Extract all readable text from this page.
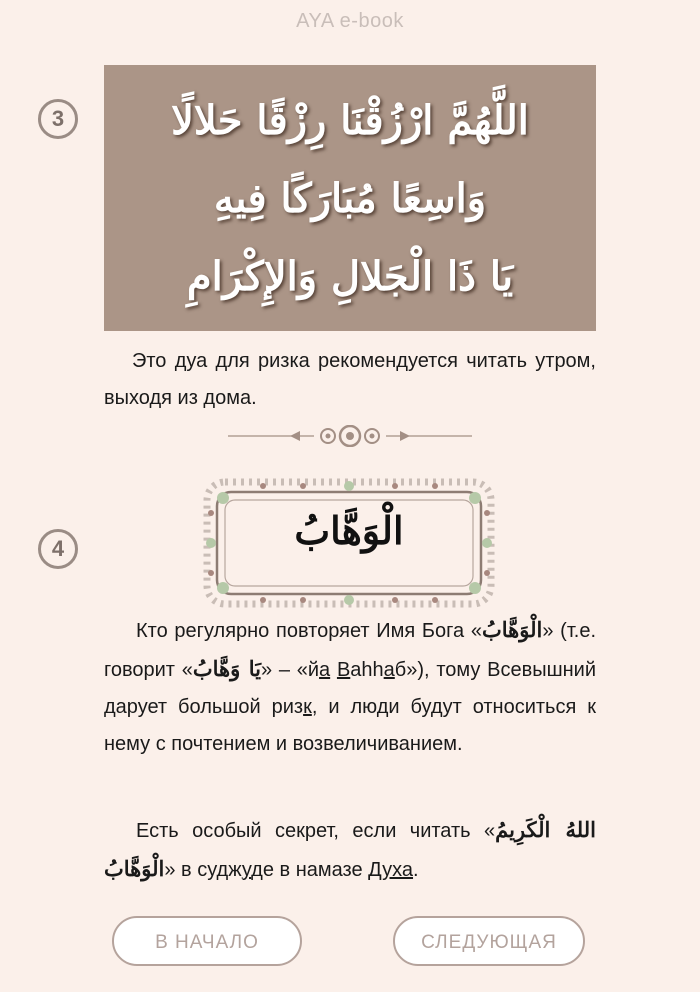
AYA e-book
3	اللَّهُمَّ ارْزُقْنَا رِزْقًا حَلالًا
وَاسِعًا مُبَارَكًا فِيهِ
يَا ذَا الْجَلالِ وَالإِكْرَامِ
Это дуа для ризка рекомендуется читать утром, выходя из дома.
4	الْوَهَّابُ
Кто регулярно повторяет Имя Бога «الْوَهَّابُ» (т.е. говорит «يَا وَهَّابُ» – «йа Вahhаб»), тому Всевышний дарует большой ризк, и люди будут относиться к нему с почтением и возвеличиванием.
Есть особый секрет, если читать «اللهُ الْكَرِيمُ الْوَهَّابُ» в суджуде в намазе Духа.
В НАЧАЛО	СЛЕДУЮЩАЯ
